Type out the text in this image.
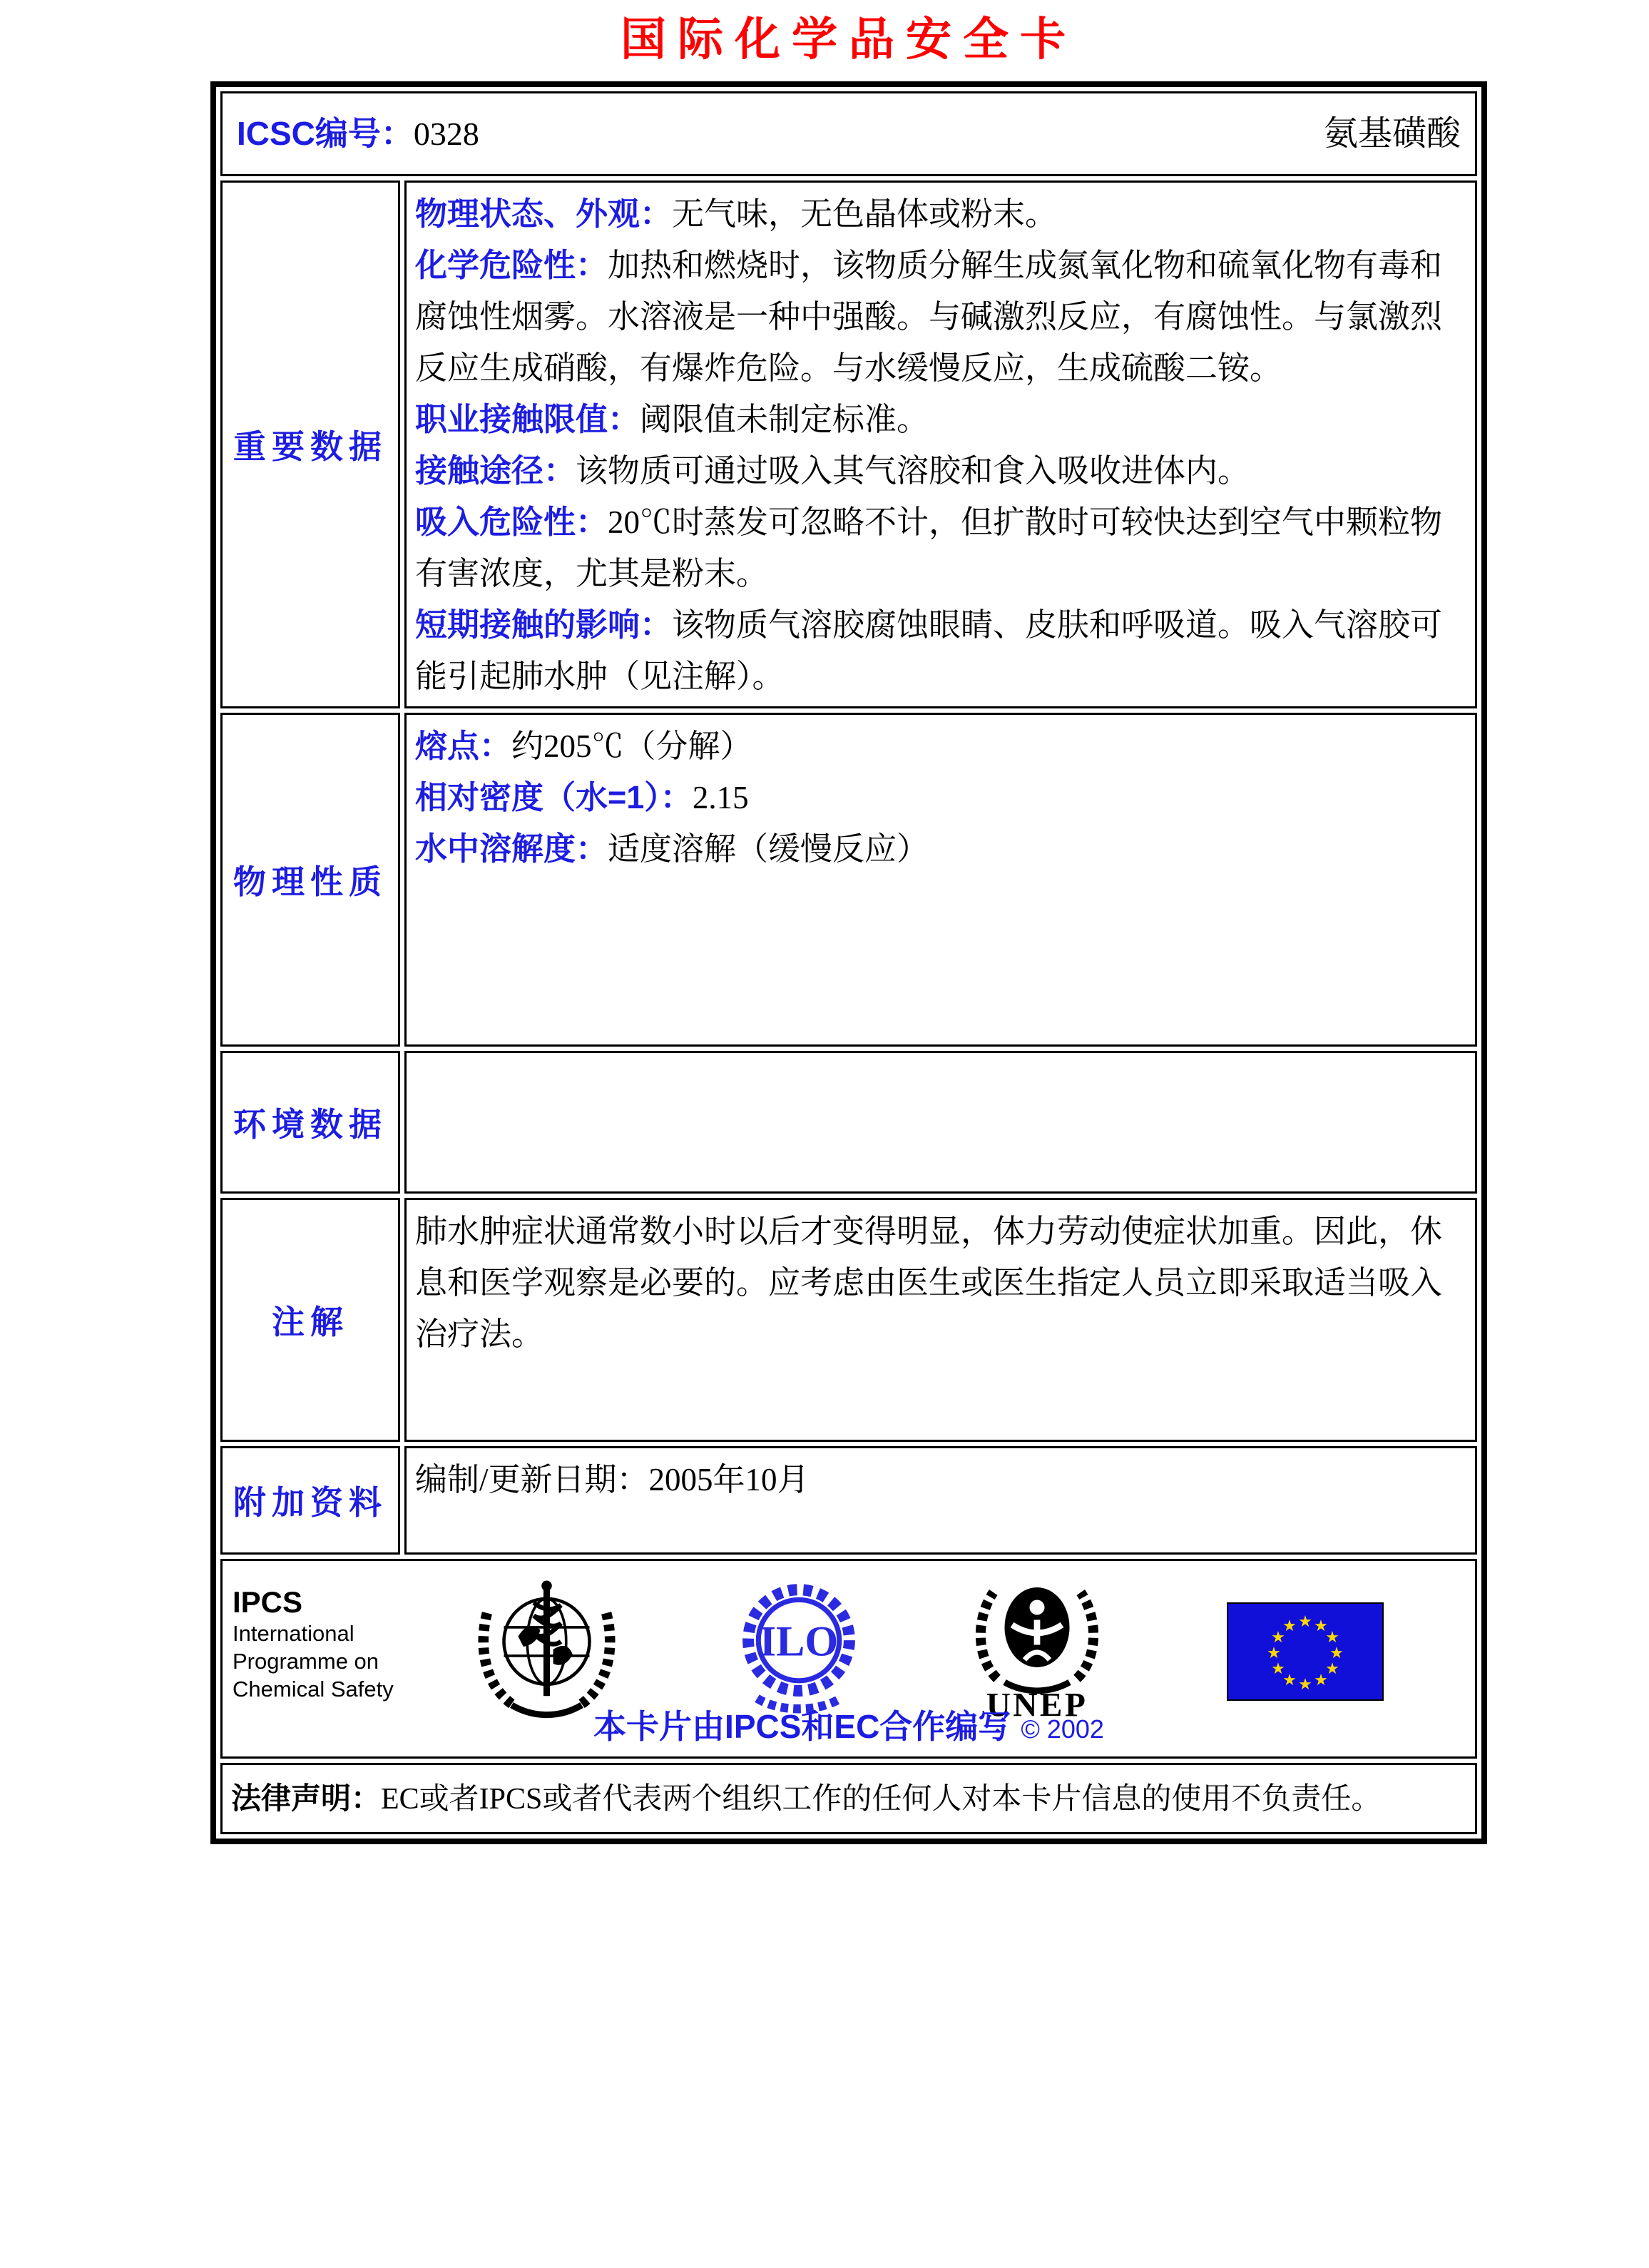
国际化学品安全卡
ICSC编号：0328	氨基磺酸	

重要数据	
物理状态、外观：无气味，无色晶体或粉末。
化学危险性：加热和燃烧时，该物质分解生成氮氧化物和硫氧化物有毒和腐蚀性烟雾。水溶液是一种中强酸。与碱激烈反应，有腐蚀性。与氯激烈反应生成硝酸，有爆炸危险。与水缓慢反应，生成硫酸二铵。
职业接触限值：阈限值未制定标准。
接触途径：该物质可通过吸入其气溶胶和食入吸收进体内。
吸入危险性：20℃时蒸发可忽略不计，但扩散时可较快达到空气中颗粒物有害浓度，尤其是粉末。
短期接触的影响：该物质气溶胶腐蚀眼睛、皮肤和呼吸道。吸入气溶胶可能引起肺水肿（见注解）。

物理性质	熔点：约205℃（分解）
相对密度（水=1）：2.15
水中溶解度：适度溶解（缓慢反应）

环境数据	
注解	肺水肿症状通常数小时以后才变得明显，体力劳动使症状加重。因此，休息和医学观察是必要的。应考虑由医生或医生指定人员立即采取适当吸入治疗法。

附加资料	编制/更新日期：2005年10月

IPCS
International
Programme on
Chemical Safety
ILO
UNEP
★ ★
★
★
★
★
★
★
★
★
★
★
本卡片由IPCS和EC合作编写 © 2002

法律声明：EC或者IPCS或者代表两个组织工作的任何人对本卡片信息的使用不负责任。	
